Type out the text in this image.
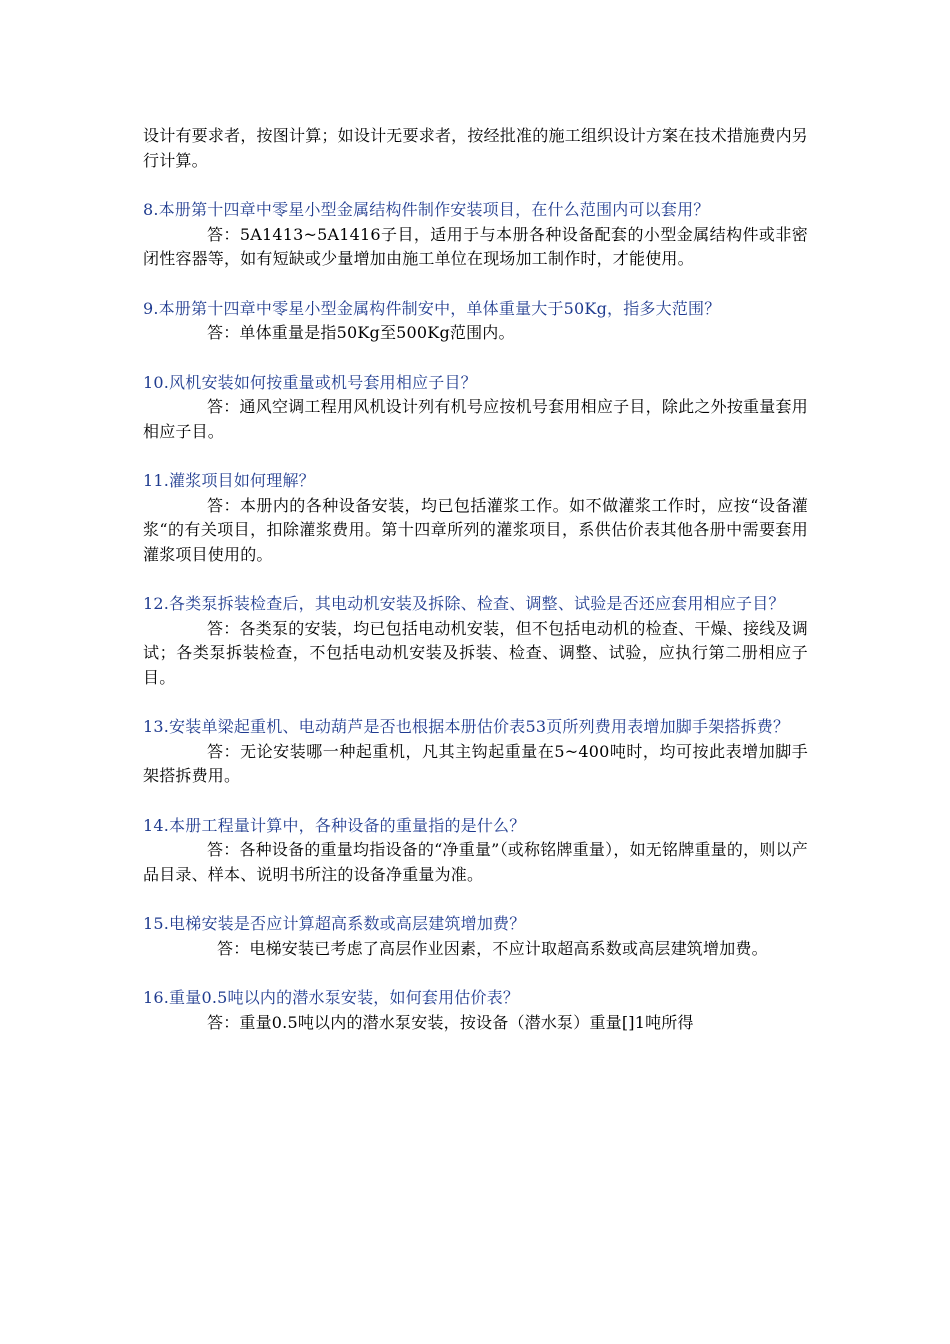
设计有要求者，按图计算；如设计无要求者，按经批准的施工组织设计方案在技术措施费内另行计算。

8.本册第十四章中零星小型金属结构件制作安装项目，在什么范围内可以套用？

答：5A1413~5A1416子目，适用于与本册各种设备配套的小型金属结构件或非密闭性容器等，如有短缺或少量增加由施工单位在现场加工制作时，才能使用。

9.本册第十四章中零星小型金属构件制安中，单体重量大于50Kg，指多大范围？

答：单体重量是指50Kg至500Kg范围内。

10.风机安装如何按重量或机号套用相应子目？

答：通风空调工程用风机设计列有机号应按机号套用相应子目，除此之外按重量套用相应子目。

11.灌浆项目如何理解？

答：本册内的各种设备安装，均已包括灌浆工作。如不做灌浆工作时，应按“设备灌浆“的有关项目，扣除灌浆费用。第十四章所列的灌浆项目，系供估价表其他各册中需要套用灌浆项目使用的。

12.各类泵拆装检查后，其电动机安装及拆除、检查、调整、试验是否还应套用相应子目？

答：各类泵的安装，均已包括电动机安装，但不包括电动机的检查、干燥、接线及调试；各类泵拆装检查，不包括电动机安装及拆装、检查、调整、试验，应执行第二册相应子目。

13.安装单梁起重机、电动葫芦是否也根据本册估价表53页所列费用表增加脚手架搭拆费？

答：无论安装哪一种起重机，凡其主钩起重量在5~400吨时，均可按此表增加脚手架搭拆费用。

14.本册工程量计算中，各种设备的重量指的是什么？

答：各种设备的重量均指设备的“净重量”（或称铭牌重量），如无铭牌重量的，则以产品目录、样本、说明书所注的设备净重量为准。

15.电梯安装是否应计算超高系数或高层建筑增加费？

答：电梯安装已考虑了高层作业因素，不应计取超高系数或高层建筑增加费。

16.重量0.5吨以内的潜水泵安装，如何套用估价表？

答：重量0.5吨以内的潜水泵安装，按设备（潜水泵）重量[]1吨所得
